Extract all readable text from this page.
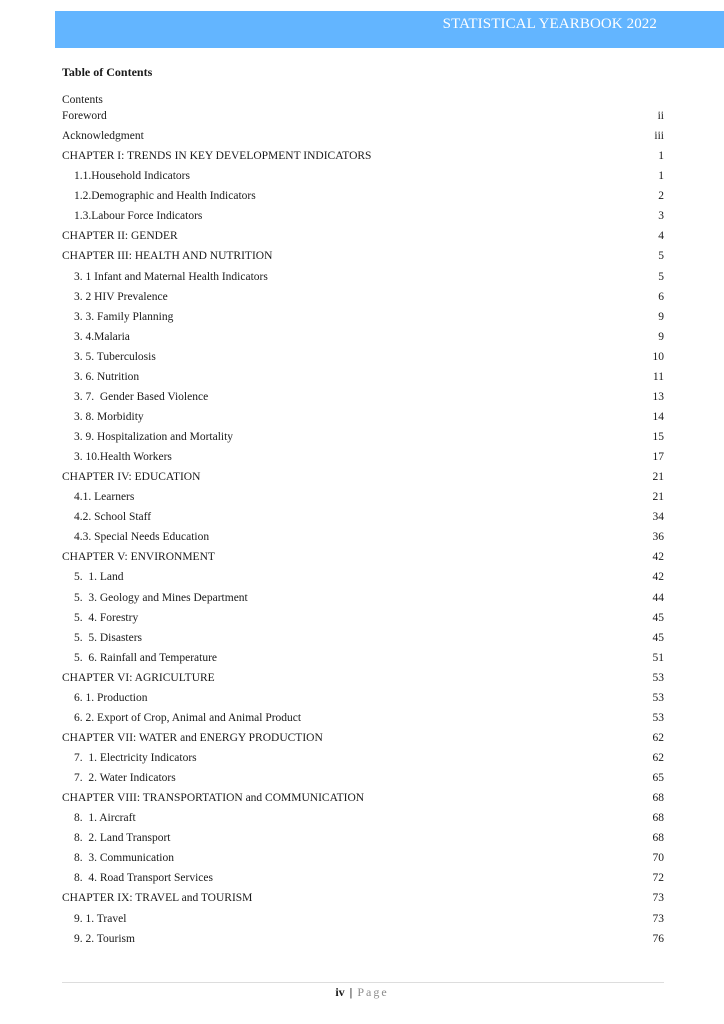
STATISTICAL YEARBOOK 2022
Table of Contents
Contents
Foreword	ii
Acknowledgment	iii
CHAPTER I: TRENDS IN KEY DEVELOPMENT INDICATORS	1
1.1.Household Indicators	1
1.2.Demographic and Health Indicators	2
1.3.Labour Force Indicators	3
CHAPTER II: GENDER	4
CHAPTER III: HEALTH AND NUTRITION	5
3. 1 Infant and Maternal Health Indicators	5
3. 2 HIV Prevalence	6
3. 3. Family Planning	9
3. 4.Malaria	9
3. 5. Tuberculosis	10
3. 6. Nutrition	11
3. 7.  Gender Based Violence	13
3. 8. Morbidity	14
3. 9. Hospitalization and Mortality	15
3. 10.Health Workers	17
CHAPTER IV: EDUCATION	21
4.1. Learners	21
4.2. School Staff	34
4.3. Special Needs Education	36
CHAPTER V: ENVIRONMENT	42
5.  1. Land	42
5.  3. Geology and Mines Department	44
5.  4. Forestry	45
5.  5. Disasters	45
5.  6. Rainfall and Temperature	51
CHAPTER VI: AGRICULTURE	53
6. 1. Production	53
6. 2. Export of Crop, Animal and Animal Product	53
CHAPTER VII: WATER and ENERGY PRODUCTION	62
7.  1. Electricity Indicators	62
7.  2. Water Indicators	65
CHAPTER VIII: TRANSPORTATION and COMMUNICATION	68
8.  1. Aircraft	68
8.  2. Land Transport	68
8.  3. Communication	70
8.  4. Road Transport Services	72
CHAPTER IX: TRAVEL and TOURISM	73
9. 1. Travel	73
9. 2. Tourism	76
iv | Page
